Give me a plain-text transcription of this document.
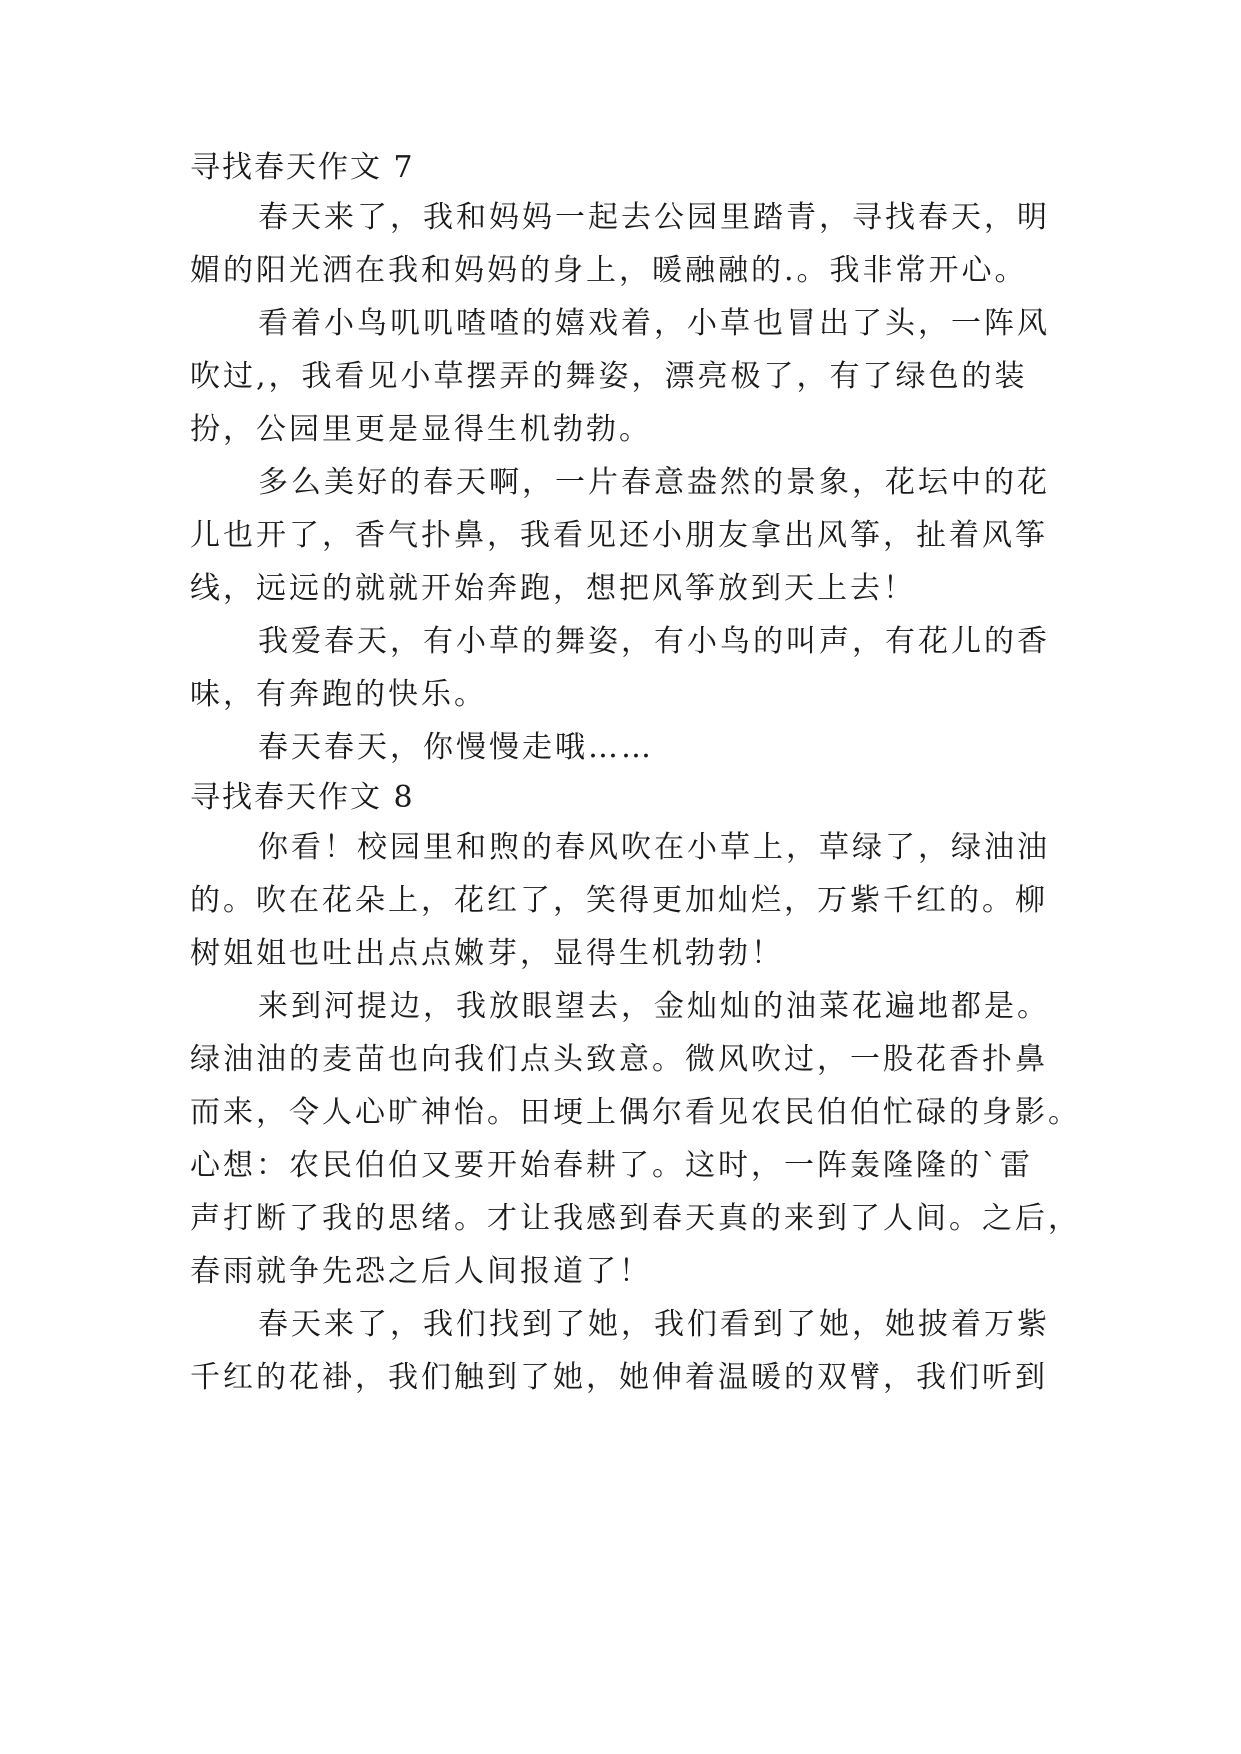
寻找春天作文 7
春天来了，我和妈妈一起去公园里踏青，寻找春天，明
媚的阳光洒在我和妈妈的身上，暖融融的.。我非常开心。
看着小鸟叽叽喳喳的嬉戏着，小草也冒出了头，一阵风
吹过,，我看见小草摆弄的舞姿，漂亮极了，有了绿色的装
扮，公园里更是显得生机勃勃。
多么美好的春天啊，一片春意盎然的景象，花坛中的花
儿也开了，香气扑鼻，我看见还小朋友拿出风筝，扯着风筝
线，远远的就就开始奔跑，想把风筝放到天上去！
我爱春天，有小草的舞姿，有小鸟的叫声，有花儿的香
味，有奔跑的快乐。
春天春天，你慢慢走哦……
寻找春天作文 8
你看！校园里和煦的春风吹在小草上，草绿了，绿油油
的。吹在花朵上，花红了，笑得更加灿烂，万紫千红的。柳
树姐姐也吐出点点嫩芽，显得生机勃勃！
来到河提边，我放眼望去，金灿灿的油菜花遍地都是。
绿油油的麦苗也向我们点头致意。微风吹过，一股花香扑鼻
而来，令人心旷神怡。田埂上偶尔看见农民伯伯忙碌的身影。
心想：农民伯伯又要开始春耕了。这时，一阵轰隆隆的`雷
声打断了我的思绪。才让我感到春天真的来到了人间。之后，
春雨就争先恐之后人间报道了！
春天来了，我们找到了她，我们看到了她，她披着万紫
千红的花褂，我们触到了她，她伸着温暖的双臂，我们听到
